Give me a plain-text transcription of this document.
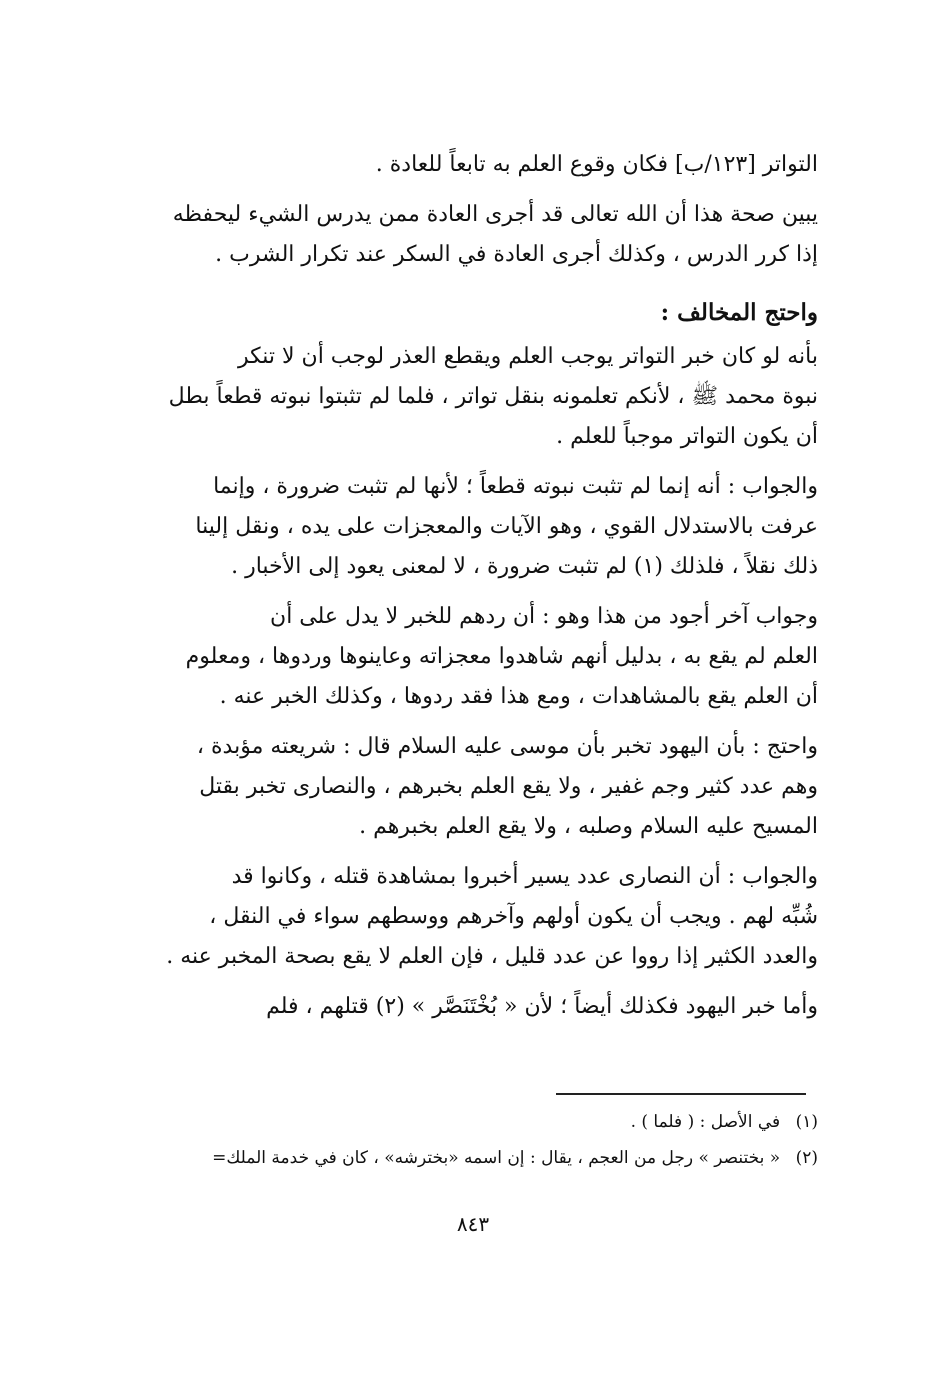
التواتر [١٢٣/ب] فكان وقوع العلم به تابعاً للعادة .
يبين صحة هذا أن الله تعالى قد أجرى العادة ممن يدرس الشيء ليحفظه
إذا كرر الدرس ، وكذلك أجرى العادة في السكر عند تكرار الشرب .
واحتج المخالف :
بأنه لو كان خبر التواتر يوجب العلم ويقطع العذر لوجب أن لا تنكر
نبوة محمد ﷺ ، لأنكم تعلمونه بنقل تواتر ، فلما لم تثبتوا نبوته قطعاً بطل
أن يكون التواتر موجباً للعلم .
والجواب : أنه إنما لم تثبت نبوته قطعاً ؛ لأنها لم تثبت ضرورة ، وإنما
عرفت بالاستدلال القوي ، وهو الآيات والمعجزات على يده ، ونقل إلينا
ذلك نقلاً ، فلذلك (١) لم تثبت ضرورة ، لا لمعنى يعود إلى الأخبار .
وجواب آخر أجود من هذا وهو : أن ردهم للخبر لا يدل على أن
العلم لم يقع به ، بدليل أنهم شاهدوا معجزاته وعاينوها وردوها ، ومعلوم
أن العلم يقع بالمشاهدات ، ومع هذا فقد ردوها ، وكذلك الخبر عنه .
واحتج : بأن اليهود تخبر بأن موسى عليه السلام قال : شريعته مؤبدة ،
وهم عدد كثير وجم غفير ، ولا يقع العلم بخبرهم ، والنصارى تخبر بقتل
المسيح عليه السلام وصلبه ، ولا يقع العلم بخبرهم .
والجواب : أن النصارى عدد يسير أخبروا بمشاهدة قتله ، وكانوا قد
شُبِّه لهم . ويجب أن يكون أولهم وآخرهم ووسطهم سواء في النقل ،
والعدد الكثير إذا رووا عن عدد قليل ، فإن العلم لا يقع بصحة المخبر عنه .
وأما خبر اليهود فكذلك أيضاً ؛ لأن « بُخْتَنَصَّر » (٢) قتلهم ، فلم
(١) في الأصل : ( فلما ) .
(٢) « بختنصر » رجل من العجم ، يقال : إن اسمه «بخترشه» ، كان في خدمة الملك=
٨٤٣
